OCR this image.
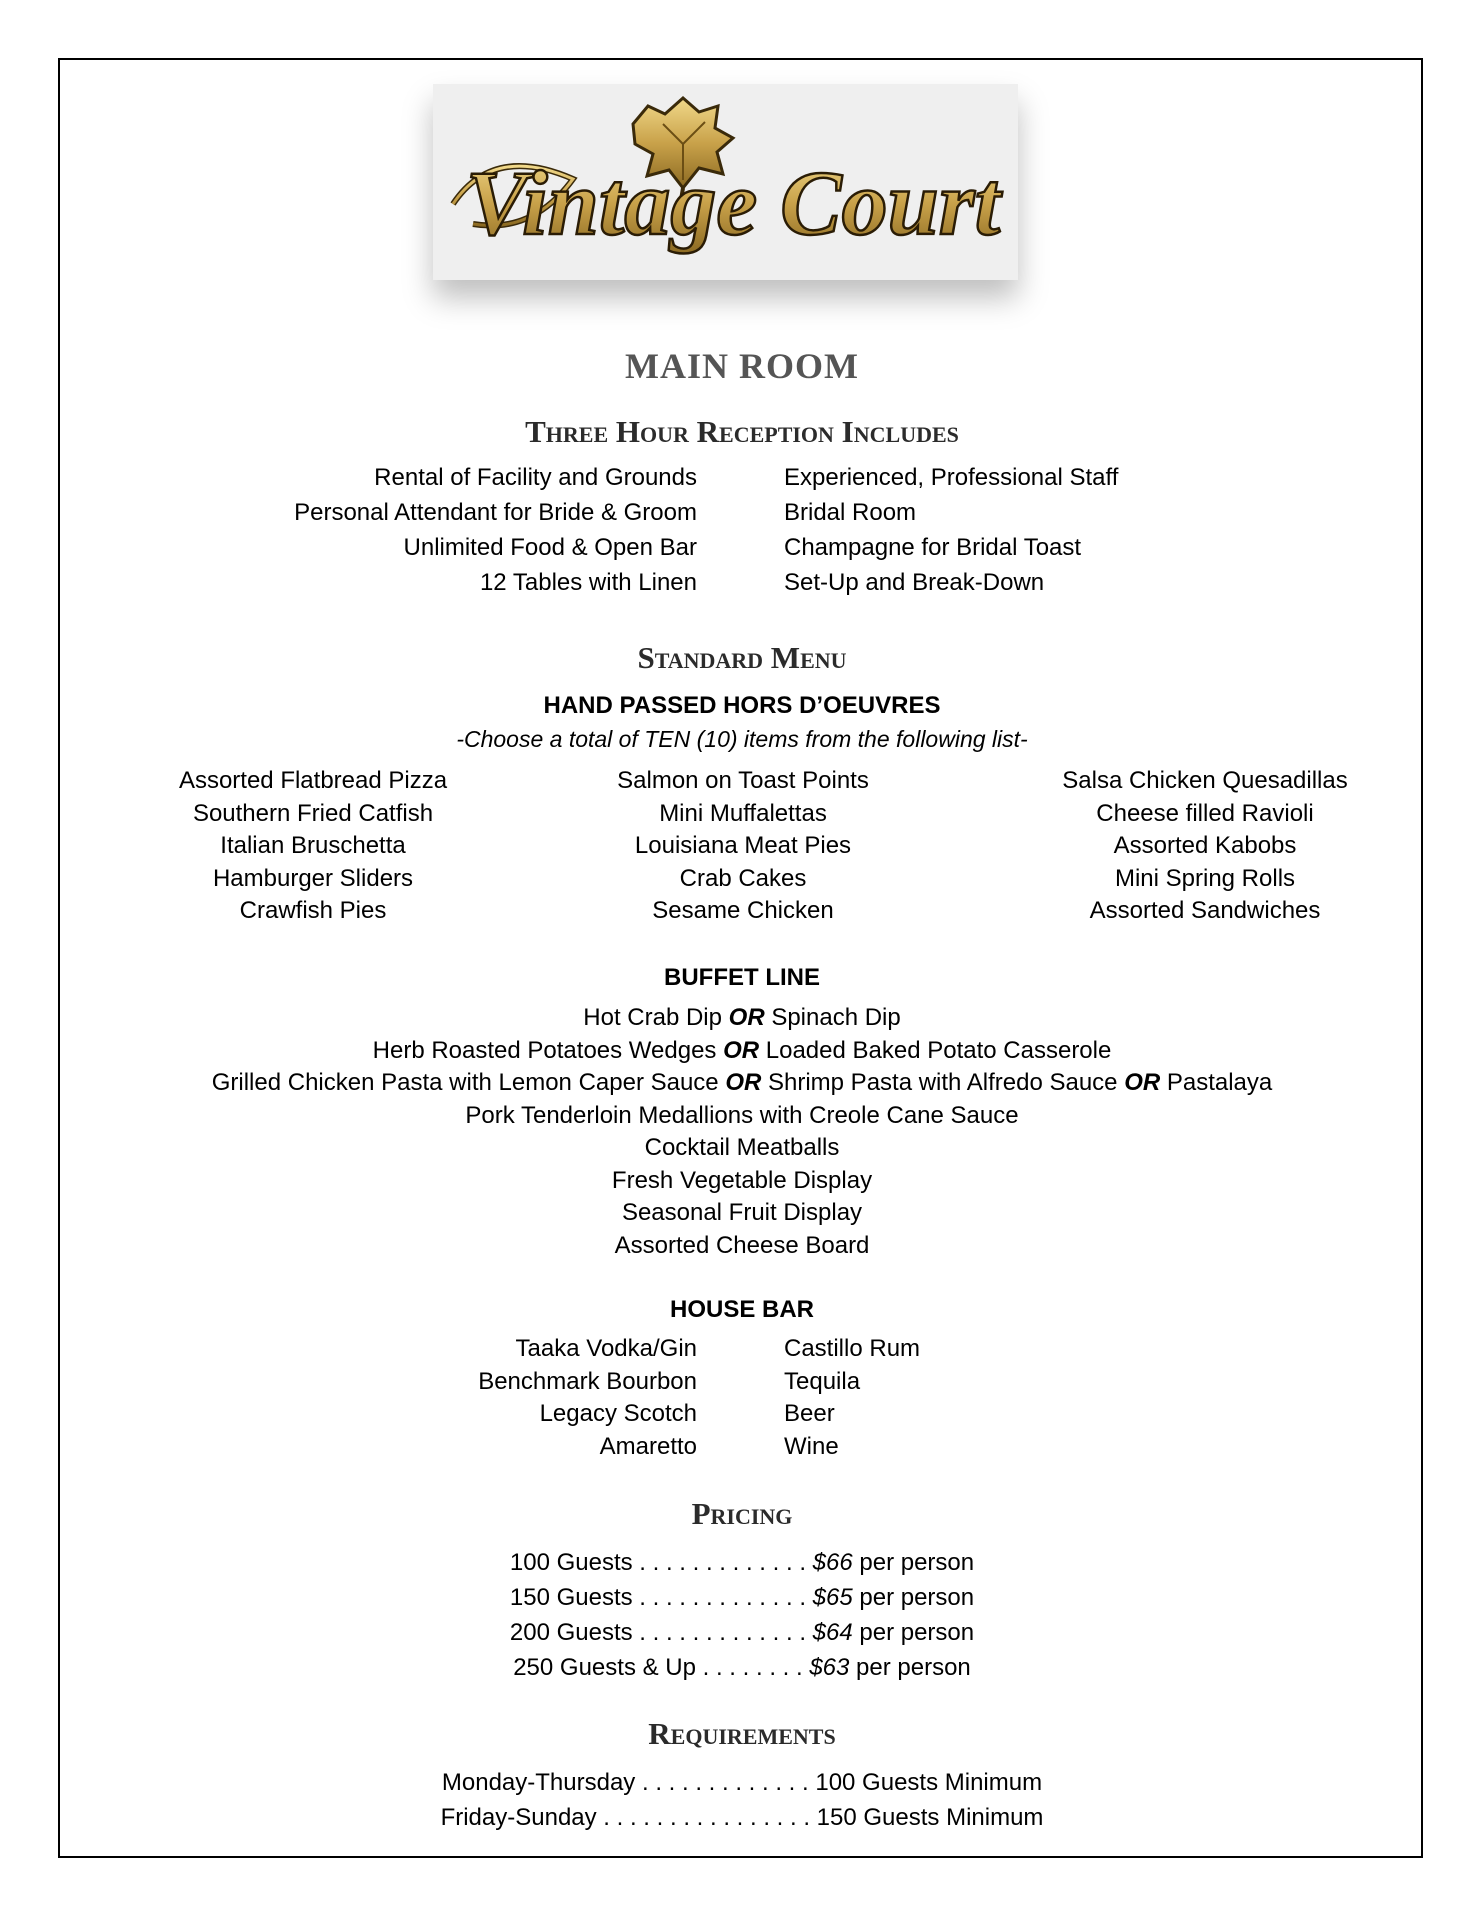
Vintage Court
MAIN ROOM
Three Hour Reception Includes
Rental of Facility and Grounds
Personal Attendant for Bride & Groom
Unlimited Food & Open Bar
12 Tables with Linen
Experienced, Professional Staff
Bridal Room
Champagne for Bridal Toast
Set-Up and Break-Down
Standard Menu
HAND PASSED HORS D’OEUVRES
-Choose a total of TEN (10) items from the following list-
Assorted Flatbread Pizza
Southern Fried Catfish
Italian Bruschetta
Hamburger Sliders
Crawfish Pies
Salmon on Toast Points
Mini Muffalettas
Louisiana Meat Pies
Crab Cakes
Sesame Chicken
Salsa Chicken Quesadillas
Cheese filled Ravioli
Assorted Kabobs
Mini Spring Rolls
Assorted Sandwiches
BUFFET LINE
Hot Crab Dip OR Spinach Dip
Herb Roasted Potatoes Wedges OR Loaded Baked Potato Casserole
Grilled Chicken Pasta with Lemon Caper Sauce OR Shrimp Pasta with Alfredo Sauce OR Pastalaya
Pork Tenderloin Medallions with Creole Cane Sauce
Cocktail Meatballs
Fresh Vegetable Display
Seasonal Fruit Display
Assorted Cheese Board
HOUSE BAR
Taaka Vodka/Gin
Benchmark Bourbon
Legacy Scotch
Amaretto
Castillo Rum
Tequila
Beer
Wine
Pricing
100 Guests . . . . . . . . . . . . . $66 per person
150 Guests . . . . . . . . . . . . . $65 per person
200 Guests . . . . . . . . . . . . . $64 per person
250 Guests & Up . . . . . . . . $63 per person
Requirements
Monday-Thursday . . . . . . . . . . . . . 100 Guests Minimum
Friday-Sunday . . . . . . . . . . . . . . . . 150 Guests Minimum
